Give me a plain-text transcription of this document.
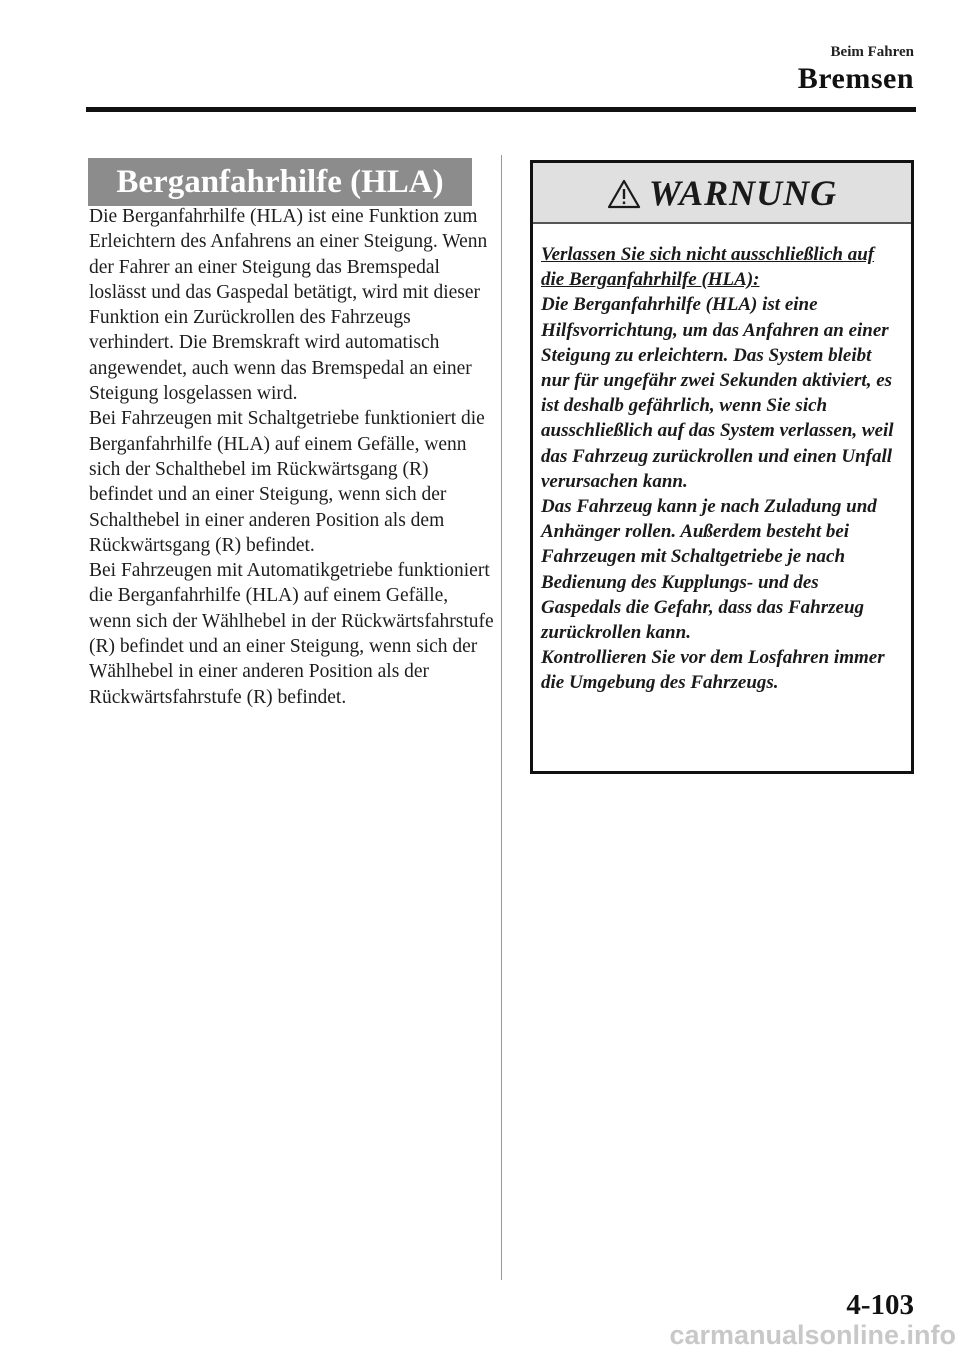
Beim Fahren
Bremsen
Berganfahrhilfe (HLA)

Die Berganfahrhilfe (HLA) ist eine Funktion zum Erleichtern des Anfahrens an einer Steigung. Wenn der Fahrer an einer Steigung das Bremspedal loslässt und das Gaspedal betätigt, wird mit dieser Funktion ein Zurückrollen des Fahrzeugs verhindert. Die Bremskraft wird automatisch angewendet, auch wenn das Bremspedal an einer Steigung losgelassen wird.

Bei Fahrzeugen mit Schaltgetriebe funktioniert die Berganfahrhilfe (HLA) auf einem Gefälle, wenn sich der Schalthebel im Rückwärtsgang (R) befindet und an einer Steigung, wenn sich der Schalthebel in einer anderen Position als dem Rückwärtsgang (R) befindet.

Bei Fahrzeugen mit Automatikgetriebe funktioniert die Berganfahrhilfe (HLA) auf einem Gefälle, wenn sich der Wählhebel in der Rückwärtsfahrstufe (R) befindet und an einer Steigung, wenn sich der Wählhebel in einer anderen Position als der Rückwärtsfahrstufe (R) befindet.

WARNUNG

Verlassen Sie sich nicht ausschließlich auf die Berganfahrhilfe (HLA):

Die Berganfahrhilfe (HLA) ist eine Hilfsvorrichtung, um das Anfahren an einer Steigung zu erleichtern. Das System bleibt nur für ungefähr zwei Sekunden aktiviert, es ist deshalb gefährlich, wenn Sie sich ausschließlich auf das System verlassen, weil das Fahrzeug zurückrollen und einen Unfall verursachen kann.

Das Fahrzeug kann je nach Zuladung und Anhänger rollen. Außerdem besteht bei Fahrzeugen mit Schaltgetriebe je nach Bedienung des Kupplungs- und des Gaspedals die Gefahr, dass das Fahrzeug zurückrollen kann.

Kontrollieren Sie vor dem Losfahren immer die Umgebung des Fahrzeugs.

4-103
carmanualsonline.info
